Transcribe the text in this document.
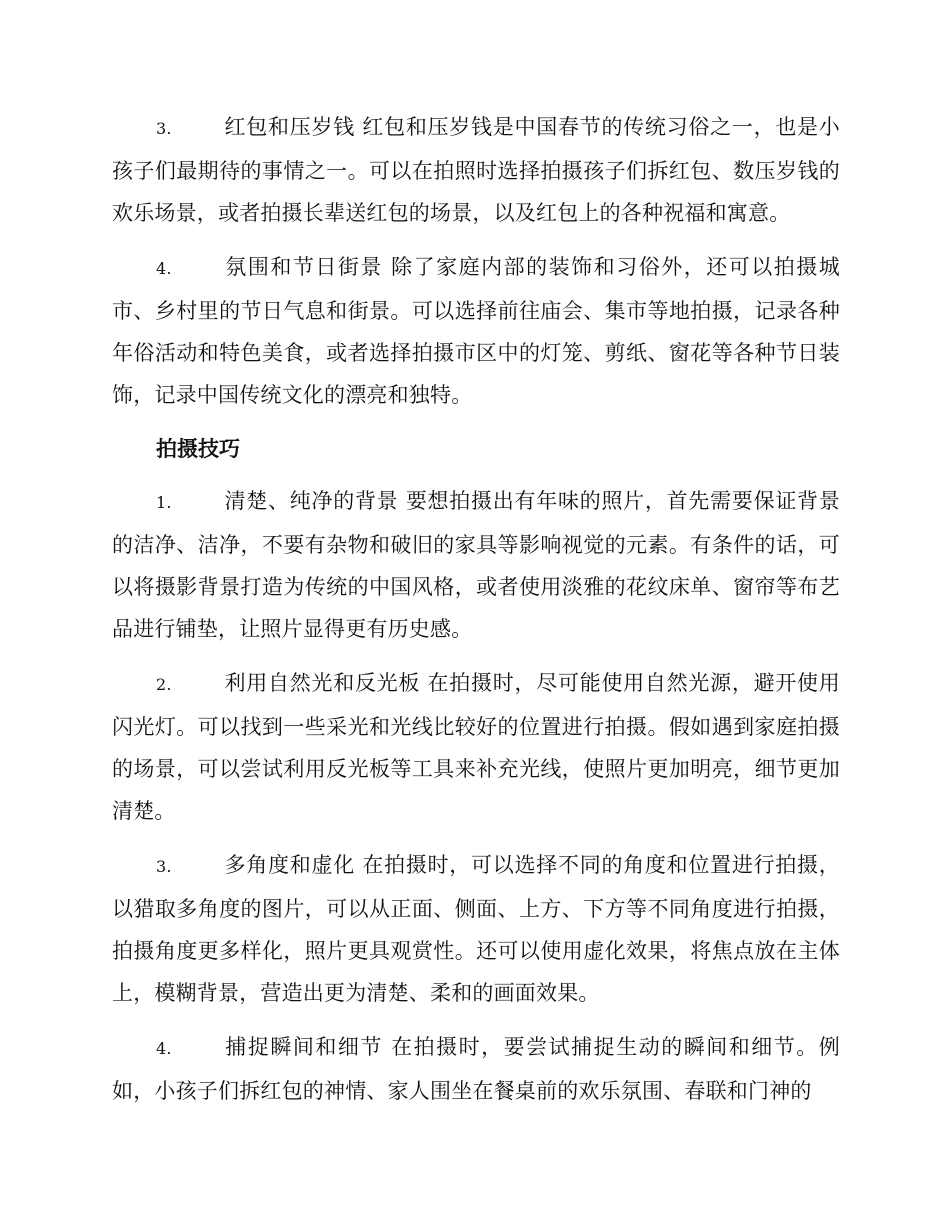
3. 红包和压岁钱 红包和压岁钱是中国春节的传统习俗之一，也是小孩子们最期待的事情之一。可以在拍照时选择拍摄孩子们拆红包、数压岁钱的欢乐场景，或者拍摄长辈送红包的场景，以及红包上的各种祝福和寓意。

4. 氛围和节日街景 除了家庭内部的装饰和习俗外，还可以拍摄城市、乡村里的节日气息和街景。可以选择前往庙会、集市等地拍摄，记录各种年俗活动和特色美食，或者选择拍摄市区中的灯笼、剪纸、窗花等各种节日装饰，记录中国传统文化的漂亮和独特。

拍摄技巧

1. 清楚、纯净的背景 要想拍摄出有年味的照片，首先需要保证背景的洁净、洁净，不要有杂物和破旧的家具等影响视觉的元素。有条件的话，可以将摄影背景打造为传统的中国风格，或者使用淡雅的花纹床单、窗帘等布艺品进行铺垫，让照片显得更有历史感。

2. 利用自然光和反光板 在拍摄时，尽可能使用自然光源，避开使用闪光灯。可以找到一些采光和光线比较好的位置进行拍摄。假如遇到家庭拍摄的场景，可以尝试利用反光板等工具来补充光线，使照片更加明亮，细节更加清楚。

3. 多角度和虚化 在拍摄时，可以选择不同的角度和位置进行拍摄，以猎取多角度的图片，可以从正面、侧面、上方、下方等不同角度进行拍摄，拍摄角度更多样化，照片更具观赏性。还可以使用虚化效果，将焦点放在主体上，模糊背景，营造出更为清楚、柔和的画面效果。

4. 捕捉瞬间和细节 在拍摄时，要尝试捕捉生动的瞬间和细节。例如，小孩子们拆红包的神情、家人围坐在餐桌前的欢乐氛围、春联和门神的
